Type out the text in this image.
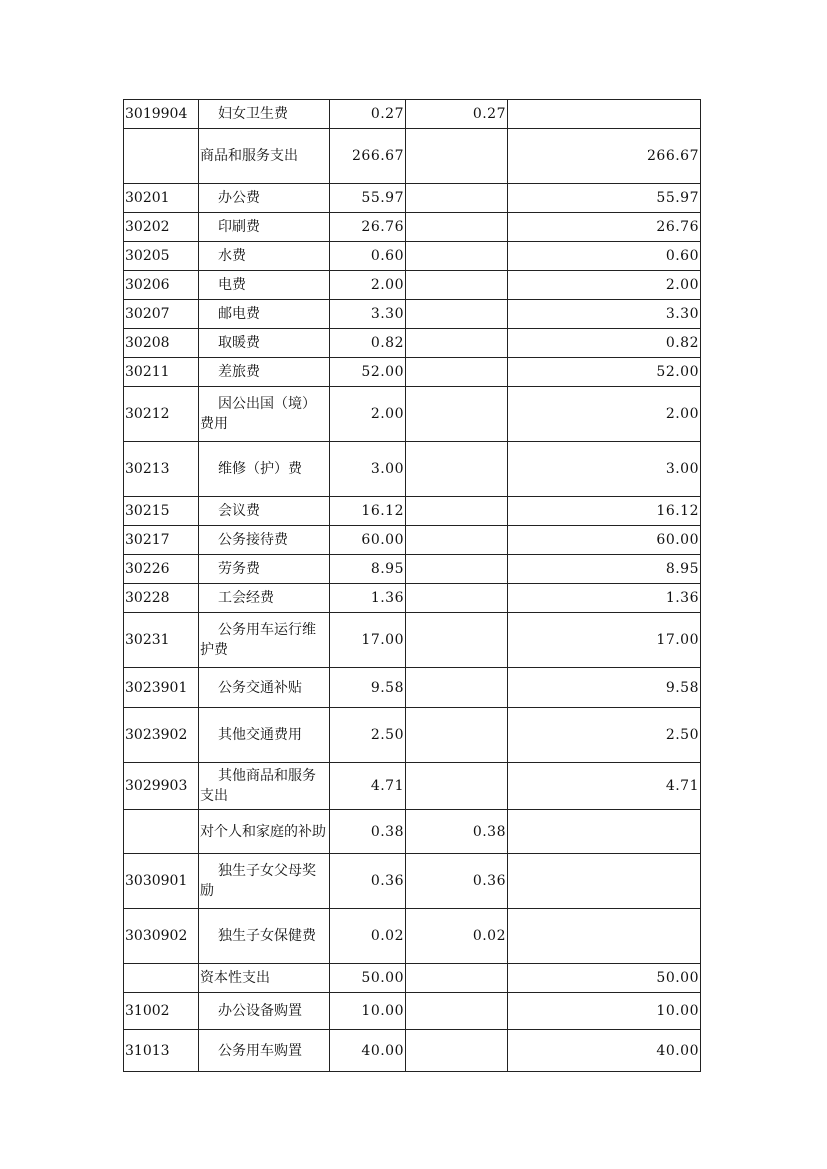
3019904	妇女卫生费	0.27	0.27	
	商品和服务支出	266.67		266.67
30201	办公费	55.97		55.97
30202	印刷费	26.76		26.76
30205	水费	0.60		0.60
30206	电费	2.00		2.00
30207	邮电费	3.30		3.30
30208	取暖费	0.82		0.82
30211	差旅费	52.00		52.00
30212	因公出国（境）费用	2.00		2.00
30213	维修（护）费	3.00		3.00
30215	会议费	16.12		16.12
30217	公务接待费	60.00		60.00
30226	劳务费	8.95		8.95
30228	工会经费	1.36		1.36
30231	公务用车运行维护费	17.00		17.00
3023901	公务交通补贴	9.58		9.58
3023902	其他交通费用	2.50		2.50
3029903	其他商品和服务支出	4.71		4.71
	对个人和家庭的补助	0.38	0.38	
3030901	独生子女父母奖励	0.36	0.36	
3030902	独生子女保健费	0.02	0.02	
	资本性支出	50.00		50.00
31002	办公设备购置	10.00		10.00
31013	公务用车购置	40.00		40.00
